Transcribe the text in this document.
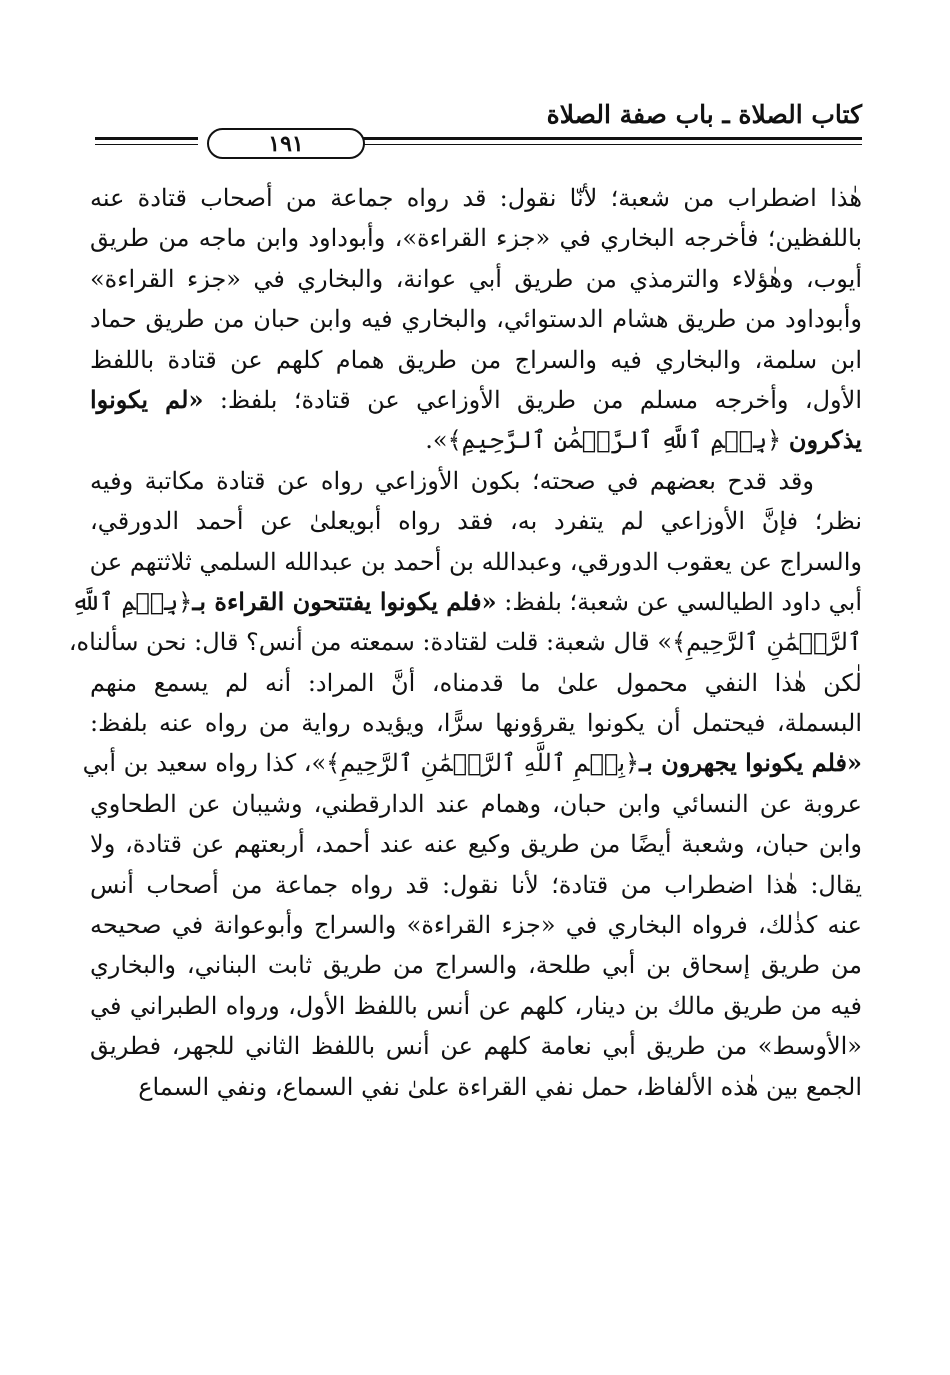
كتاب الصلاة ـ باب صفة الصلاة
١٩١
هٰذا اضطراب من شعبة؛ لأنّا نقول: قد رواه جماعة من أصحاب قتادة عنه
باللفظين؛ فأخرجه البخاري في «جزء القراءة»، وأبوداود وابن ماجه من طريق
أيوب، وهٰؤلاء والترمذي من طريق أبي عوانة، والبخاري في «جزء القراءة»
وأبوداود من طريق هشام الدستوائي، والبخاري فيه وابن حبان من طريق حماد
ابن سلمة، والبخاري فيه والسراج من طريق همام كلهم عن قتادة باللفظ
الأول، وأخرجه مسلم من طريق الأوزاعي عن قتادة؛ بلفظ: «لم يكونوا
يذكرون ﴿بِسۡمِ ٱللَّهِ ٱلرَّحۡمَٰنِ ٱلرَّحِيمِ﴾».
وقد قدح بعضهم في صحته؛ بكون الأوزاعي رواه عن قتادة مكاتبة وفيه
نظر؛ فإنَّ الأوزاعي لم يتفرد به، فقد رواه أبويعلىٰ عن أحمد الدورقي،
والسراج عن يعقوب الدورقي، وعبدالله بن أحمد بن عبدالله السلمي ثلاثتهم عن
أبي داود الطيالسي عن شعبة؛ بلفظ: «فلم يكونوا يفتتحون القراءة بـ﴿بِسۡمِ ٱللَّهِ
ٱلرَّحۡمَٰنِ ٱلرَّحِيمِ﴾» قال شعبة: قلت لقتادة: سمعته من أنس؟ قال: نحن سألناه،
لٰكن هٰذا النفي محمول علىٰ ما قدمناه، أنَّ المراد: أنه لم يسمع منهم
البسملة، فيحتمل أن يكونوا يقرؤونها سرًّا، ويؤيده رواية من رواه عنه بلفظ:
«فلم يكونوا يجهرون بـ﴿بِسۡمِ ٱللَّهِ ٱلرَّحۡمَٰنِ ٱلرَّحِيمِ﴾»، كذا رواه سعيد بن أبي
عروبة عن النسائي وابن حبان، وهمام عند الدارقطني، وشيبان عن الطحاوي
وابن حبان، وشعبة أيضًا من طريق وكيع عنه عند أحمد، أربعتهم عن قتادة، ولا
يقال: هٰذا اضطراب من قتادة؛ لأنا نقول: قد رواه جماعة من أصحاب أنس
عنه كذٰلك، فرواه البخاري في «جزء القراءة» والسراج وأبوعوانة في صحيحه
من طريق إسحاق بن أبي طلحة، والسراج من طريق ثابت البناني، والبخاري
فيه من طريق مالك بن دينار، كلهم عن أنس باللفظ الأول، ورواه الطبراني في
«الأوسط» من طريق أبي نعامة كلهم عن أنس باللفظ الثاني للجهر، فطريق
الجمع بين هٰذه الألفاظ، حمل نفي القراءة علىٰ نفي السماع، ونفي السماع
